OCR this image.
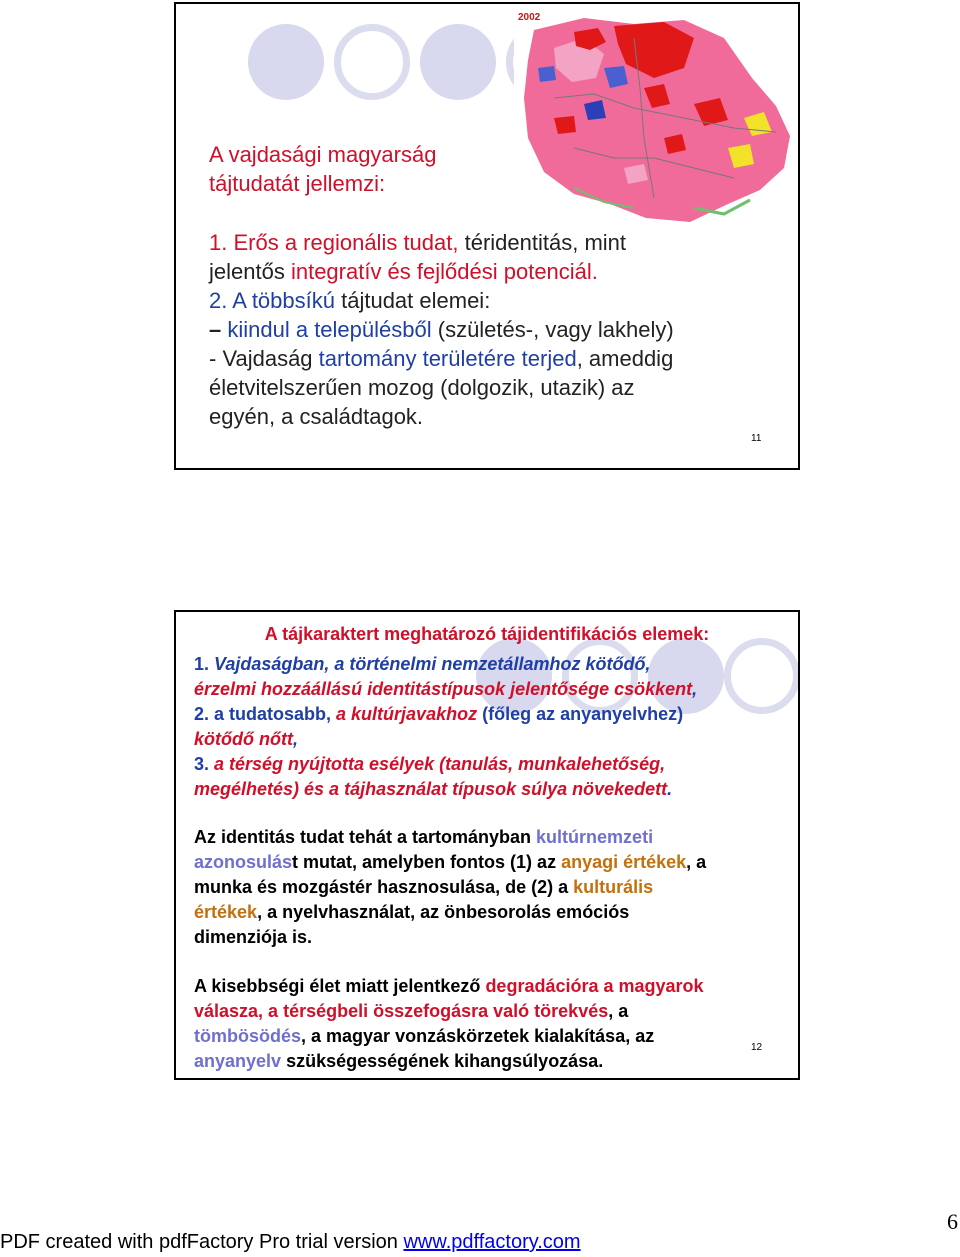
2002
A vajdasági magyarság
tájtudatát jellemzi:
1. Erős a regionális tudat, téridentitás, mint
jelentős integratív és fejlődési potenciál.
2. A többsíkú tájtudat elemei:
– kiindul a településből (születés-, vagy lakhely)
- Vajdaság tartomány területére terjed, ameddig
életvitelszerűen mozog (dolgozik, utazik) az
egyén, a családtagok.
11
A tájkaraktert meghatározó tájidentifikációs elemek:
1. Vajdaságban, a történelmi nemzetállamhoz kötődő,
érzelmi hozzáállású identitástípusok jelentősége csökkent,
2. a tudatosabb, a kultúrjavakhoz (főleg az anyanyelvhez)
kötődő nőtt,
3. a térség nyújtotta esélyek (tanulás, munkalehetőség,
megélhetés) és a tájhasználat típusok súlya növekedett.
Az identitás tudat tehát a tartományban kultúrnemzeti
azonosulást mutat, amelyben fontos (1) az anyagi értékek, a
munka és mozgástér hasznosulása, de (2) a kulturális
értékek, a nyelvhasználat, az önbesorolás emóciós
dimenziója is.
A kisebbségi élet miatt jelentkező degradációra a magyarok
válasza, a térségbeli összefogásra való törekvés, a
tömbösödés, a magyar vonzáskörzetek kialakítása, az
anyanyelv szükségességének kihangsúlyozása.
12
PDF created with pdfFactory Pro trial version www.pdffactory.com
6
